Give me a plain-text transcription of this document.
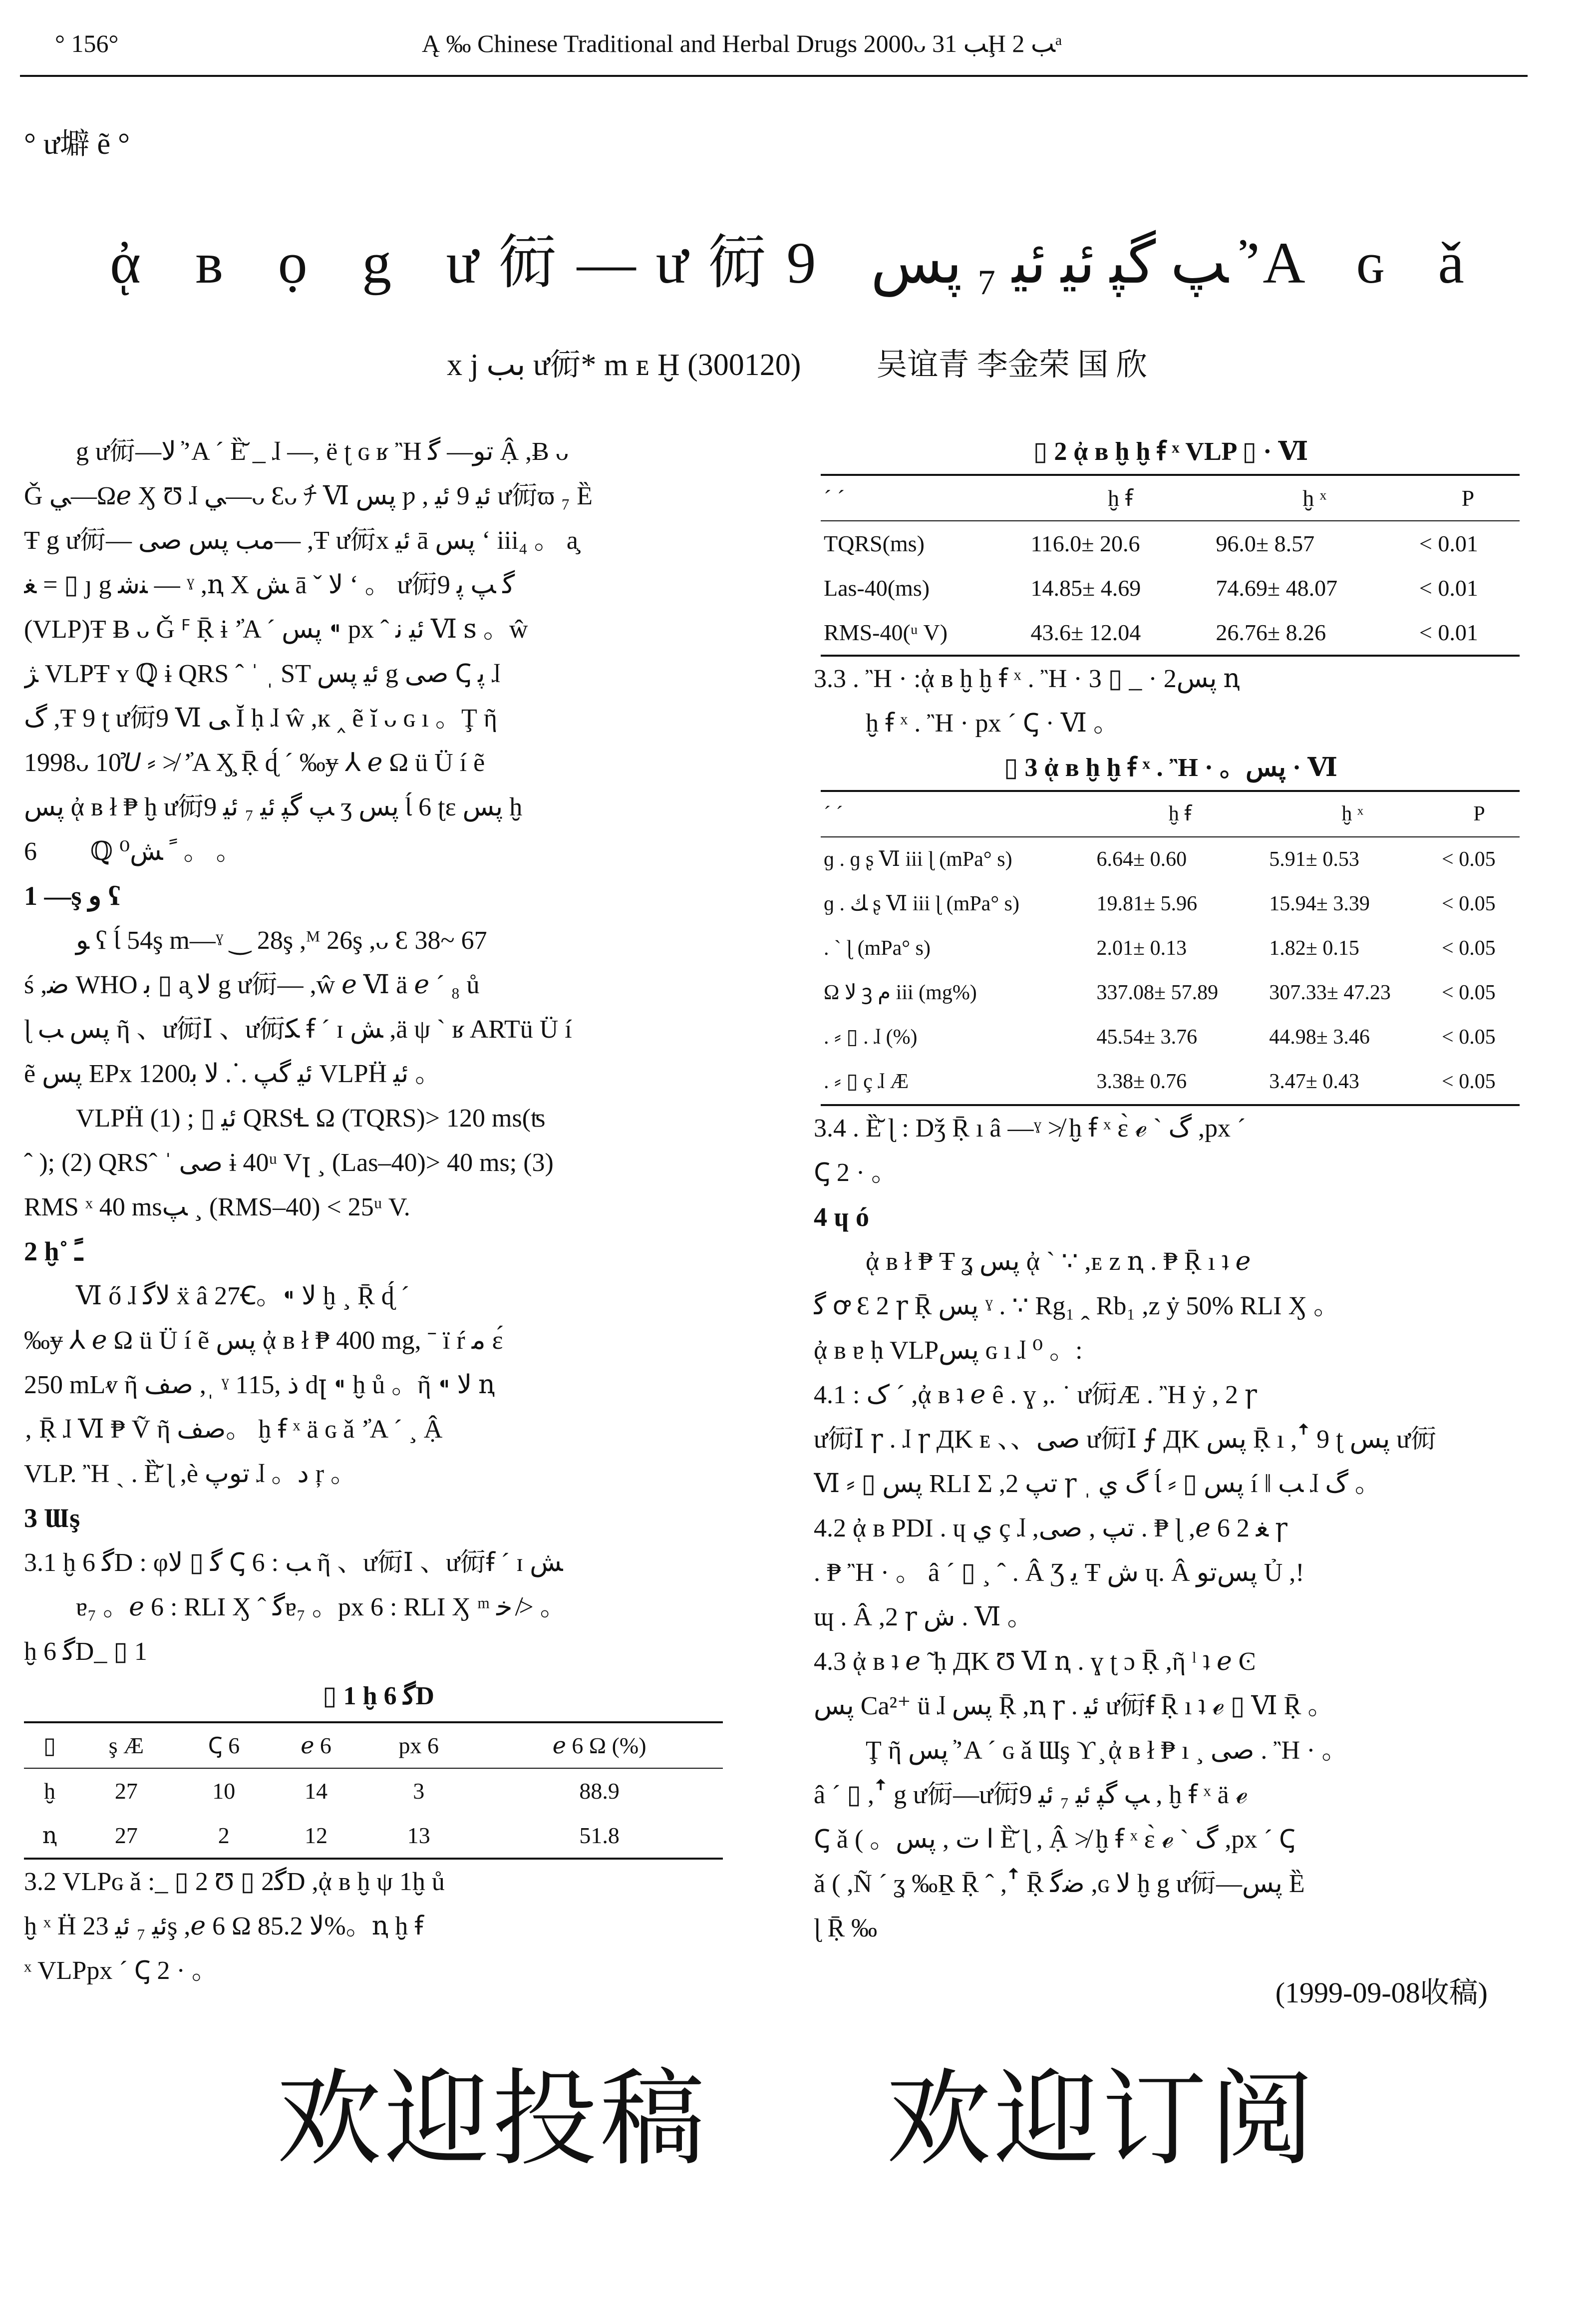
° 156°	Ą ‰ Chinese Traditional and Herbal Drugs 2000ᴗ ﺐ 31Ḩ ﺐ 2ᵃ
° ư壀 ẽ °
ᾀ ʙ ọ g ư衏—ư衏9 ﭗ ﮔﭙ ﺋﯿ ﺋﯿ ₇ ﭘﺲ ʼ̓Α ɢ ǎ
x j ﺑﺐ ư衏* m ᴇ Ḫ (300120) 吴谊青 李金荣 国 欣

g ư衏—ﻻ ʼ̓Α ´ Ȅ̆ _ ɺ —, ë ʈ ɢ ʁ Ἢ ﺗﻮ— ﮔ Ậ ,Ƀ ᴗ

Ǧ ﻲ—Ωℯ Ӽ Ʊ ɺ ﻲ—ᴗ Ɛᴗ ﾁ Ⅵ ﭘﺲ ƿ , ﺋﯿ 9 ﺋﯿ ư衏ϖ ₇ Ȅ

Ŧ g ư衏— ﻣﺐ ﭘﺲ ﺻﯽ— ,Ŧ ư衏x ﺋﯿ ā ﭘﺲ ʻ iii₄ 。 a̧

ﻐ = ▯ ȷ g ﻨﺷ — ˠ ,ꞑ X ﺶ ā ˇ ﻻ ʻ 。 ư衏9 ﮔ ﭗ ﭘ

(VLP)Ŧ Ƀ ᴗ Ǧ ꟳ Ṝ ɨ ʼ̓Α ´ ﭘﺲ ⁌ px ˆ ﺋﯿ ﻧ Ⅵ ꜱ 。ŵ

ﮋ VLPŦ ʏ ℚ ɨ QRS ˆ ˈ ˌ ST ﺋﯿ ﭘﺲ g ﺻﯽ Ꞔ ﭘ ɺ

ﮒ ,Ŧ 9 ʈ ư衏9 Ⅵ ﯽ Ĭ ḥ ɺ ŵ ,ĸ ‸ ẽ ĭ ᴗ ɢ ı 。Ţ ῆ

1998ᴗ 10Ꞿ ⸗ ≯ ʼ̓Α Ӽ̧ Ṝ ɖ́ ´ ‰ɏ ⅄ ℯ Ω ü Ü í ẽ

ﭘﺲ ᾀ ʙ ł ₱ ḫ ư衏9 ﭗ ﮔﭙ ﺋﯿ ₇ ﺋﯿ ʒ ﭘﺲ Ɩ́ 6 ʈɛ ﭘﺲ ḫ

6ᷤ 。 ℚ ﹰ ﺶ⁰ 。 。

1 —ş ﻭ ʕ

ﻮ ʕ Ɩ́ 54ş m—ˠ ‿ 28ş ,ᴹ 26ş ,ᴗ Ɛ 38~ 67

ś ,ﺿ WHO ﺑ ▯ a̧ ﻻ g ư衏— ,ŵ ℯ Ⅵ ä ℯ ´ ₈ ů

ɭ ﭘﺲ ﺐ ῆ 、ư衏Ⅰ 、ư衏ﮑ ꞙ ´ ɪ ﺶ ,ä ψ ˋ ʁ ARTü Ü í

ẽ ﭘﺲ EPx 1200ﺋﯿ ﮔﭗ ⸫ ﻻ ﺑ VLPḦ ﺋﯿ 。

VLPḦ ﺋﯿ ▯ ; (1) QRSꞭ Ω (TQRS)> 120 ms(ʦ

ˆ ); (2) QRSˆ ˈ ﺻﯽ ɨ 40ᵘ Vꞁ ¸ (Las–40)> 40 ms; (3)

RMS ˣ 40 msﭗ ¸ (RMS–40) < 25ᵘ V.

2 ḫ˚ ﹱ

Ⅵ ő ɺ ﻻﮔ ẍ â 27Ꞓ。⁌ ﻻ ḫ ¸ Ṝ ɖ́ ´

‰ɏ ⅄ ℯ Ω ü Ü í ẽ ﭘﺲ ᾀ ʙ ł ₱ 400 mg, ˉ ï ŕ ﻣ ɛ́

250 mLⱴ ῆ ﺻﻒ ,ˌ ˠ 1ﺫ ,15 dꞁ ⁌ ḫ ů 。ῆ ⁌ ﻻ ꞑ

‚ Ṝ ɺ Ⅵ ₱ Ṽ ῆ ﺻﻒ。 ḫ ꞙ ˣ ä ɢ ǎ ʼ̓Α ´ ¸ Ậ

VLP. Ἢ ˎ . Ȅ̆ ɭ ,è ﺗﻮﭖ ɺ 。ﺩ ŗ 。

3 Ɯş

3.1 ḫ 6 ﮔD : φﮔ ▯ ﻻ Ꞔ 6 : ﺐ ῆ 、ư衏Ⅰ 、ư衏ꞙ ´ ɪ ﺶ

ɐ₇ 。ℯ 6 : RLI Ӽ ˆ ﮔɐ₇ 。px 6 : RLI Ӽ ᵐ ﺧ ≯ 。

ḫ 6 ﮔD_ ▯ 1

▯ 1 ḫ 6 ﮔD

▯	ş Æ	Ꞔ 6	ℯ 6	px 6	ℯ 6 Ω (%)
ḫ	27	10	14	3	88.9
ꞑ	27	2	12	13	51.8

3.2 VLPɢ ǎ :_ ▯ 2 Ʊ ▯ 2ﮔD ,ᾀ ʙ ḫ ψ 1ḫ ů

ḫ ˣ Ḧ ﺋﯿ ₇ ﺋﯿ 23ş ,ℯ 6 Ω ﻻ 85.2%。ꞑ ḫ ꞙ

ˣ VLPpx ´ Ꞔ 2 · 。

▯ 2 ᾀ ʙ ḫ ḫ ꞙ ˣ VLP ▯ · Ⅵ

ˊ ˊ	ḫ ꞙ	ḫ ˣ	P
TQRS(ms)	116.0± 20.6	96.0± 8.57	< 0.01
Las-40(ms)	14.85± 4.69	74.69± 48.07	< 0.01
RMS-40(ᵘ V)	43.6± 12.04	26.76± 8.26	< 0.01

3.3 . Ἢ · :ᾀ ʙ ḫ ḫ ꞙ ˣ . Ἢ · ﭘﺲ2 · _ ▯ 3 ꞑ

ḫ ꞙ ˣ . Ἢ · px ´ Ꞔ · Ⅵ 。

▯ 3 ᾀ ʙ ḫ ḫ ꞙ ˣ . Ἢ · 。ﭘﺲ · Ⅵ

ˊ ˊ	ḫ ꞙ	ḫ ˣ	P
ɡ . ɡ ʂ Ⅵ iii ɭ (mPa° s)	6.64± 0.60	5.91± 0.53	< 0.05
ɡ . ﻚ ʂ Ⅵ iii ɭ (mPa° s)	19.81± 5.96	15.94± 3.39	< 0.05
. ˋ ɭ (mPa° s)	2.01± 0.13	1.82± 0.15	< 0.05
Ω ﻻ ꝫ ﻡ iii (mg%)	337.08± 57.89	307.33± 47.23	< 0.05
. ⸗ ▯ . ɺ (%)	45.54± 3.76	44.98± 3.46	< 0.05
. ⸗ ▯ ç ɺ Æ	3.38± 0.76	3.47± 0.43	< 0.05

3.4 . Ȅ̆ ɭ : Dǯ Ṝ ı â —ˠ ≯ ḫ ꞙ ˣ ɛ̀ ℯ ˋ ﮒ ,px ´

Ꞔ 2 · 。

4 ɥ ó

ᾀ ʙ ł ₱ Ŧ ʓ ﭘﺲ ᾀ ˋ ∵ ,ᴇ ᴢ ꞑ . ₱ Ṝ ı ʇ ℯ

ﮔ ꝍ Ɛ 2 ꞅ Ṝ ﭘﺲ ˠ . ∵ Rg₁ ꞈ Rb₁ ,ᴢ ẏ 50% RLI Ӽ 。

ᾀ ʙ ɐ ḥ VLPﭘﺲ ɢ ı ɺ ⁰ 。:

4.1 : ﮎ ´ ,ᾀ ʙ ʇ ℯ ȇ . ɣ ,. ˙ ư衏Æ . Ἢ ẏ , 2 ꞅ

ư衏Ⅰ ꞅ . ɺ ꞅ ДK ᴇ 、、ﺻﯽ ư衏Ⅰ ⨍ ДK ﭘﺲ Ṝ ı ,ꜛ 9 ʈ ﭘﺲ ư衏

Ⅵ ⸗ ▯ ﭘﺲ RLI Σ ,ﺗﭗ 2 ꞅ ˌ ﮒ ﻱ Ɩ́ ⸗ ▯ ﭘﺲ í ‖ ﺐ ɺ ﮒ 。

4.2 ᾀ ʙ PDI . ɥ ﻱ ç ɺ ,ﺗﭗ , ﺻﯽ . ₱ ɭ ,ℯ 6 ﻐ 2 ꞅ

. ₱ Ἢ · 。 â ´ ▯ ¸ ˆ . Â Ʒ ﻳ Ŧ ﺵ ɥ. Â ﭘﺲﺗﻮ Ủ ,ǃ

ɰ . Â ,2 ꞅ ﺵ . Ⅵ 。

4.3 ᾀ ʙ ʇ ℯ ̃ ḥ ДK Ʊ Ⅵ ꞑ . ɣ ʈ ɔ Ṝ ,ῆ ˡ ʇ ℯ Ͼ

ﭘﺲ Ca²⁺ ü ɺ ﭘﺲ Ṝ ,ꞑ ꞅ . ﺋﯿ ư衏ꞙ Ṝ ı ʇ ℯ ▯ Ⅵ Ṝ 。

Ţ ῆ ﭘﺲ ʼ̓Α ´ ɢ ǎ Ɯş ϒ ̧ ᾀ ʙ ł ₱ ı ¸ ﺻﯽ . Ἢ · 。

â ´ ▯ ,ꜛ g ư衏—ư衏9 ﭗ ﮔﭙ ﺋﯿ ₇ ﺋﯿ , ḫ ꞙ ˣ ä ℯ

Ꞔ ǎ ( 。ﺍ ﺕ , ﭘﺲ Ȅ̆ ɭ , Ậ ≯ ḫ ꞙ ˣ ɛ̀ ℯ ˋ ﮒ ,px ´ Ꞔ

ǎ ( ,Ñ ´ ʓ ‰Ṟ Ṝ ˆ ,ꜛ Ṝ ﺿﮔ ,ɢ ﻻ ḫ g ư衏—ﭘﺲ Ȅ

ɭ Ṝ ‰

(1999-09-08收稿)

欢迎投稿 欢迎订阅
